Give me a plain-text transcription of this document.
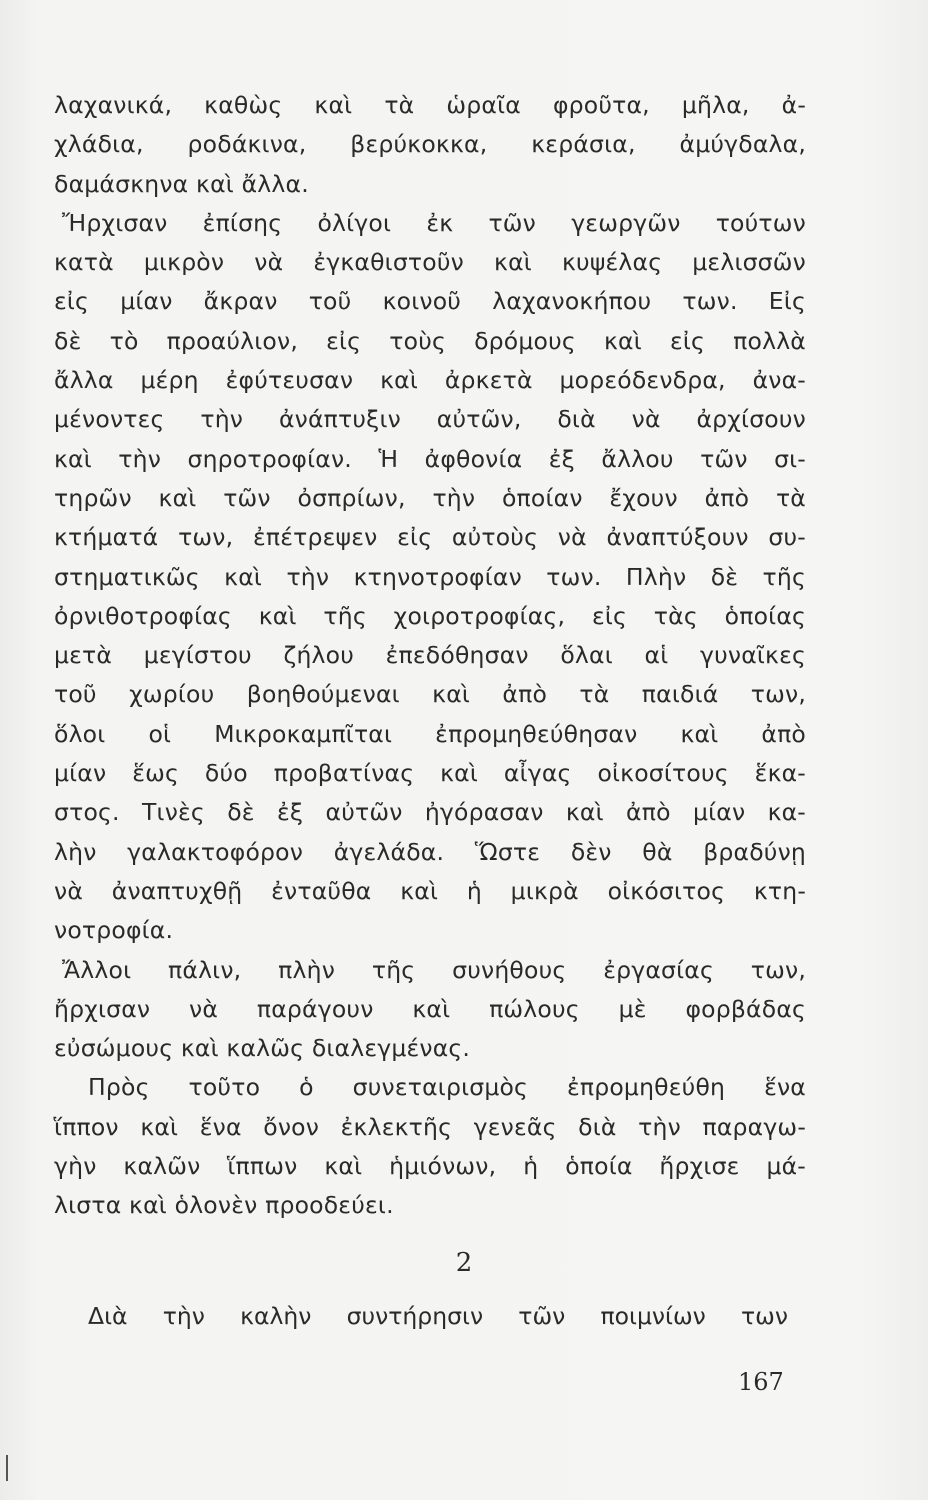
λαχανικά, καθὼς καὶ τὰ ὡραῖα φροῦτα, μῆλα, ἀ-
χλάδια, ροδάκινα, βερύκοκκα, κεράσια, ἀμύγδαλα,
δαμάσκηνα καὶ ἄλλα.
Ἤρχισαν ἐπίσης ὀλίγοι ἐκ τῶν γεωργῶν τούτων
κατὰ μικρὸν νὰ ἐγκαθιστοῦν καὶ κυψέλας μελισσῶν
εἰς μίαν ἄκραν τοῦ κοινοῦ λαχανοκήπου των. Εἰς
δὲ τὸ προαύλιον, εἰς τοὺς δρόμους καὶ εἰς πολλὰ
ἄλλα μέρη ἐφύτευσαν καὶ ἀρκετὰ μορεόδενδρα, ἀνα-
μένοντες τὴν ἀνάπτυξιν αὐτῶν, διὰ νὰ ἀρχίσουν
καὶ τὴν σηροτροφίαν. Ἡ ἀφθονία ἐξ ἄλλου τῶν σι-
τηρῶν καὶ τῶν ὀσπρίων, τὴν ὁποίαν ἔχουν ἀπὸ τὰ
κτήματά των, ἐπέτρεψεν εἰς αὐτοὺς νὰ ἀναπτύξουν συ-
στηματικῶς καὶ τὴν κτηνοτροφίαν των. Πλὴν δὲ τῆς
ὀρνιθοτροφίας καὶ τῆς χοιροτροφίας, εἰς τὰς ὁποίας
μετὰ μεγίστου ζήλου ἐπεδόθησαν ὅλαι αἱ γυναῖκες
τοῦ χωρίου βοηθούμεναι καὶ ἀπὸ τὰ παιδιά των,
ὅλοι οἱ Μικροκαμπῖται ἐπρομηθεύθησαν καὶ ἀπὸ
μίαν ἕως δύο προβατίνας καὶ αἶγας οἰκοσίτους ἕκα-
στος. Τινὲς δὲ ἐξ αὐτῶν ἠγόρασαν καὶ ἀπὸ μίαν κα-
λὴν γαλακτοφόρον ἀγελάδα. Ὥστε δὲν θὰ βραδύνῃ
νὰ ἀναπτυχθῇ ἐνταῦθα καὶ ἡ μικρὰ οἰκόσιτος κτη-
νοτροφία.
Ἄλλοι πάλιν, πλὴν τῆς συνήθους ἐργασίας των,
ἤρχισαν νὰ παράγουν καὶ πώλους μὲ φορβάδας
εὐσώμους καὶ καλῶς διαλεγμένας.
Πρὸς τοῦτο ὁ συνεταιρισμὸς ἐπρομηθεύθη ἕνα
ἵππον καὶ ἕνα ὄνον ἐκλεκτῆς γενεᾶς διὰ τὴν παραγω-
γὴν καλῶν ἵππων καὶ ἡμιόνων, ἡ ὁποία ἤρχισε μά-
λιστα καὶ ὁλονὲν προοδεύει.
2
Διὰ τὴν καλὴν συντήρησιν τῶν ποιμνίων των
167
